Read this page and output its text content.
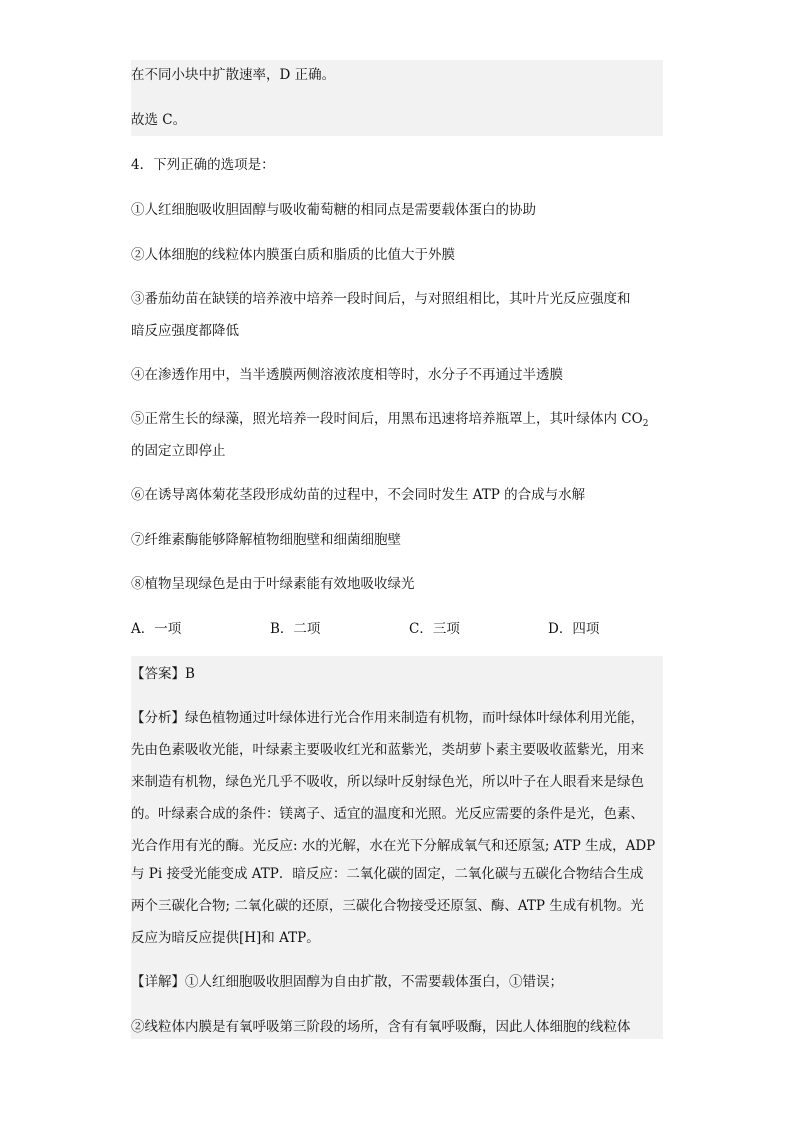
在不同小块中扩散速率，D 正确。
故选 C。
4．下列正确的选项是：
①人红细胞吸收胆固醇与吸收葡萄糖的相同点是需要载体蛋白的协助
②人体细胞的线粒体内膜蛋白质和脂质的比值大于外膜
③番茄幼苗在缺镁的培养液中培养一段时间后，与对照组相比，其叶片光反应强度和
暗反应强度都降低
④在渗透作用中，当半透膜两侧溶液浓度相等时，水分子不再通过半透膜
⑤正常生长的绿藻，照光培养一段时间后，用黑布迅速将培养瓶罩上，其叶绿体内 $CO_2$
的固定立即停止
⑥在诱导离体菊花茎段形成幼苗的过程中，不会同时发生 ATP 的合成与水解
⑦纤维素酶能够降解植物细胞壁和细菌细胞壁
⑧植物呈现绿色是由于叶绿素能有效地吸收绿光
A．一项	B．二项	C．三项	D．四项
【答案】B
【分析】绿色植物通过叶绿体进行光合作用来制造有机物，而叶绿体叶绿体利用光能，
先由色素吸收光能，叶绿素主要吸收红光和蓝紫光，类胡萝卜素主要吸收蓝紫光，用来
来制造有机物，绿色光几乎不吸收，所以绿叶反射绿色光，所以叶子在人眼看来是绿色
的。叶绿素合成的条件：镁离子、适宜的温度和光照。光反应需要的条件是光，色素、
光合作用有光的酶。光反应: 水的光解，水在光下分解成氧气和还原氢; ATP 生成，ADP
与 Pi 接受光能变成 ATP．暗反应：二氧化碳的固定，二氧化碳与五碳化合物结合生成
两个三碳化合物; 二氧化碳的还原，三碳化合物接受还原氢、酶、ATP 生成有机物。光
反应为暗反应提供[H]和 ATP。
【详解】①人红细胞吸收胆固醇为自由扩散，不需要载体蛋白，①错误；
②线粒体内膜是有氧呼吸第三阶段的场所，含有有氧呼吸酶，因此人体细胞的线粒体
